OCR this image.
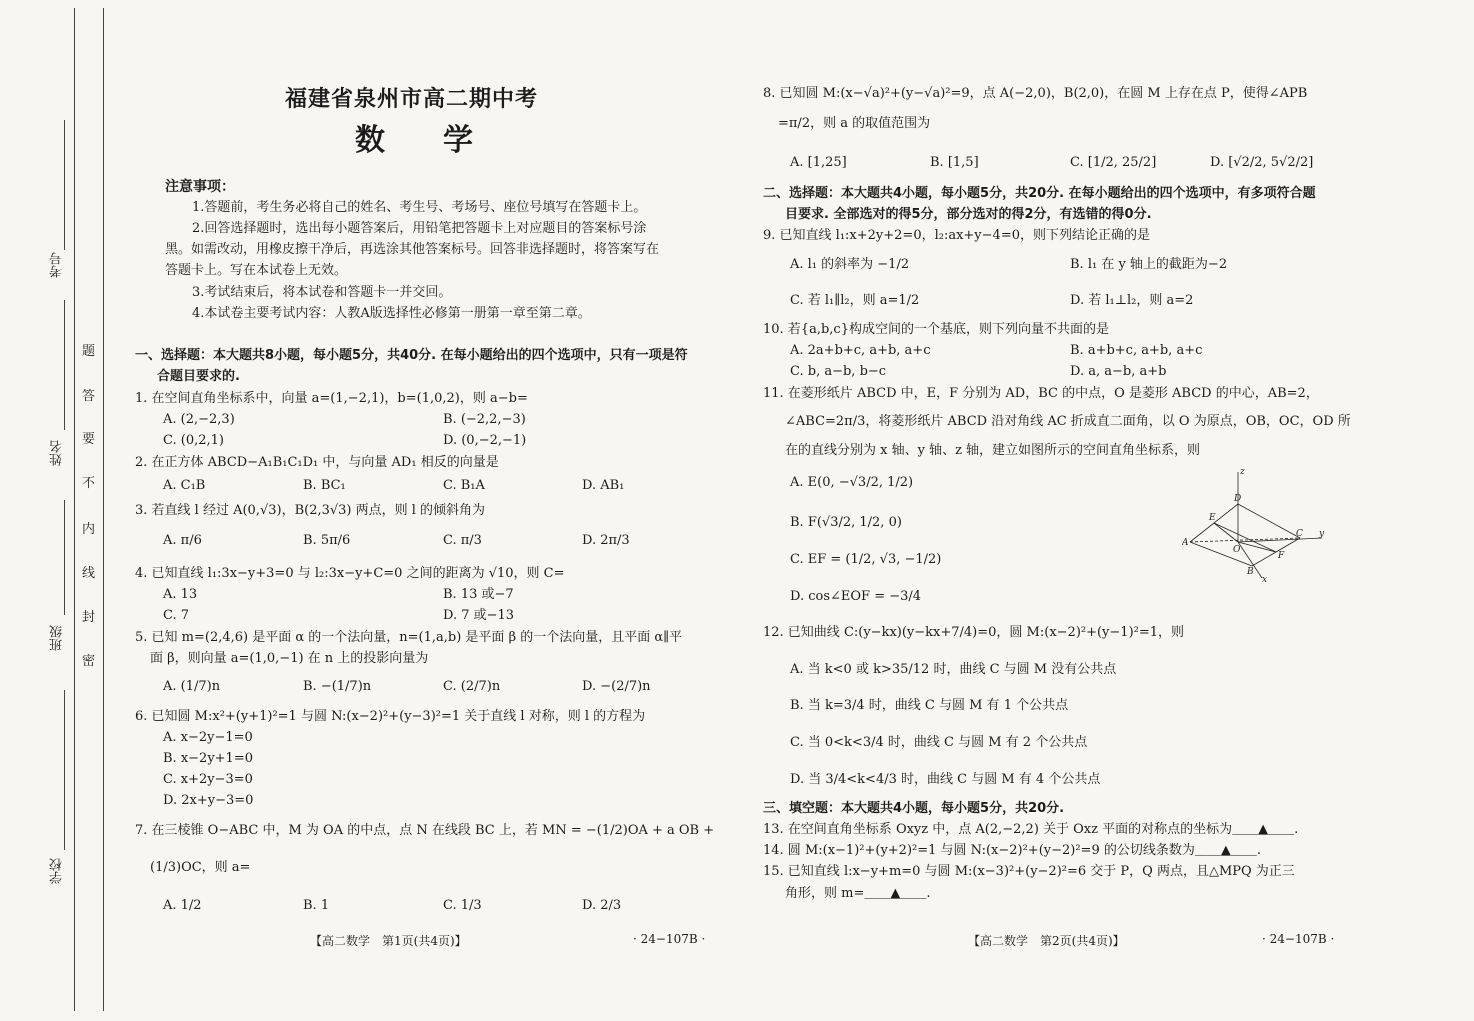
题
答
要
不
内
线
封
密
考号
姓名
班级
学校
福建省泉州市高二期中考
数学
注意事项：
1.答题前，考生务必将自己的姓名、考生号、考场号、座位号填写在答题卡上。
2.回答选择题时，选出每小题答案后，用铅笔把答题卡上对应题目的答案标号涂
黑。如需改动，用橡皮擦干净后，再选涂其他答案标号。回答非选择题时，将答案写在
答题卡上。写在本试卷上无效。
3.考试结束后，将本试卷和答题卡一并交回。
4.本试卷主要考试内容：人教A版选择性必修第一册第一章至第二章。
一、选择题：本大题共8小题，每小题5分，共40分. 在每小题给出的四个选项中，只有一项是符
合题目要求的.
1. 在空间直角坐标系中，向量 a=(1,−2,1)，b=(1,0,2)，则 a−b=
A. (2,−2,3)	B. (−2,2,−3)
C. (0,2,1)	D. (0,−2,−1)
2. 在正方体 ABCD−A₁B₁C₁D₁ 中，与向量 AD₁ 相反的向量是
A. C₁B	B. BC₁	C. B₁A	D. AB₁
3. 若直线 l 经过 A(0,√3)，B(2,3√3) 两点，则 l 的倾斜角为
A. π/6	B. 5π/6	C. π/3	D. 2π/3
4. 已知直线 l₁:3x−y+3=0 与 l₂:3x−y+C=0 之间的距离为 √10，则 C=
A. 13	B. 13 或−7
C. 7	D. 7 或−13
5. 已知 m=(2,4,6) 是平面 α 的一个法向量，n=(1,a,b) 是平面 β 的一个法向量，且平面 α∥平
面 β，则向量 a=(1,0,−1) 在 n 上的投影向量为
A. (1/7)n	B. −(1/7)n	C. (2/7)n	D. −(2/7)n
6. 已知圆 M:x²+(y+1)²=1 与圆 N:(x−2)²+(y−3)²=1 关于直线 l 对称，则 l 的方程为
A. x−2y−1=0
B. x−2y+1=0
C. x+2y−3=0
D. 2x+y−3=0
7. 在三棱锥 O−ABC 中，M 为 OA 的中点，点 N 在线段 BC 上，若 MN = −(1/2)OA + a OB +
(1/3)OC，则 a=
A. 1/2	B. 1	C. 1/3	D. 2/3
【高二数学　第1页(共4页)】	· 24−107B ·
8. 已知圆 M:(x−√a)²+(y−√a)²=9，点 A(−2,0)，B(2,0)，在圆 M 上存在点 P，使得∠APB
=π/2，则 a 的取值范围为
A. [1,25]	B. [1,5]	C. [1/2, 25/2]	D. [√2/2, 5√2/2]
二、选择题：本大题共4小题，每小题5分，共20分. 在每小题给出的四个选项中，有多项符合题
目要求. 全部选对的得5分，部分选对的得2分，有选错的得0分.
9. 已知直线 l₁:x+2y+2=0，l₂:ax+y−4=0，则下列结论正确的是
A. l₁ 的斜率为 −1/2	B. l₁ 在 y 轴上的截距为−2
C. 若 l₁∥l₂，则 a=1/2	D. 若 l₁⊥l₂，则 a=2
10. 若{a,b,c}构成空间的一个基底，则下列向量不共面的是
A. 2a+b+c, a+b, a+c	B. a+b+c, a+b, a+c
C. b, a−b, b−c	D. a, a−b, a+b
11. 在菱形纸片 ABCD 中，E，F 分别为 AD，BC 的中点，O 是菱形 ABCD 的中心，AB=2，
∠ABC=2π/3，将菱形纸片 ABCD 沿对角线 AC 折成直二面角，以 O 为原点，OB，OC，OD 所
在的直线分别为 x 轴、y 轴、z 轴，建立如图所示的空间直角坐标系，则
A. E(0, −√3/2, 1/2)
B. F(√3/2, 1/2, 0)
C. EF = (1/2, √3, −1/2)
D. cos∠EOF = −3/4
z
D
E
A
O
C y
F
B
x
12. 已知曲线 C:(y−kx)(y−kx+7/4)=0，圆 M:(x−2)²+(y−1)²=1，则
A. 当 k<0 或 k>35/12 时，曲线 C 与圆 M 没有公共点
B. 当 k=3/4 时，曲线 C 与圆 M 有 1 个公共点
C. 当 0<k<3/4 时，曲线 C 与圆 M 有 2 个公共点
D. 当 3/4<k<4/3 时，曲线 C 与圆 M 有 4 个公共点
三、填空题：本大题共4小题，每小题5分，共20分.
13. 在空间直角坐标系 Oxyz 中，点 A(2,−2,2) 关于 Oxz 平面的对称点的坐标为＿＿▲＿＿.
14. 圆 M:(x−1)²+(y+2)²=1 与圆 N:(x−2)²+(y−2)²=9 的公切线条数为＿＿▲＿＿.
15. 已知直线 l:x−y+m=0 与圆 M:(x−3)²+(y−2)²=6 交于 P，Q 两点，且△MPQ 为正三
角形，则 m=＿＿▲＿＿.
【高二数学　第2页(共4页)】	· 24−107B ·
